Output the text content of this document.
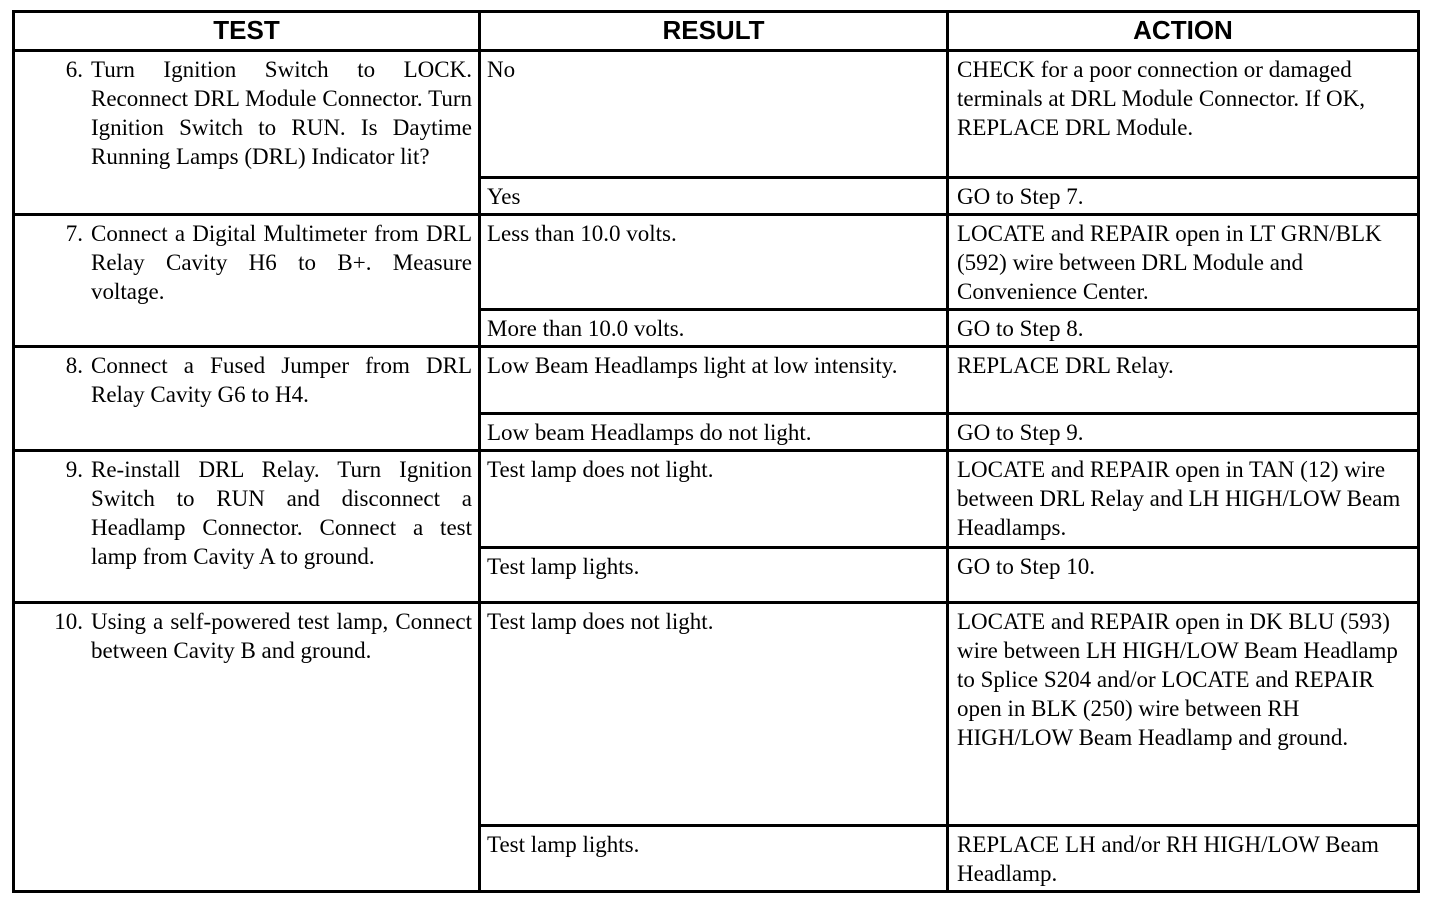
TEST	RESULT	ACTION

6. Turn Ignition Switch to LOCK. Reconnect DRL Module Connector. Turn Ignition Switch to RUN. Is Daytime Running Lamps (DRL) Indicator lit?	No	CHECK for a poor connection or damaged terminals at DRL Module Connector. If OK, REPLACE DRL Module.

	Yes	GO to Step 7.

7. Connect a Digital Multimeter from DRL Relay Cavity H6 to B+. Measure voltage.	Less than 10.0 volts.	LOCATE and REPAIR open in LT GRN/BLK (592) wire between DRL Module and Convenience Center.

	More than 10.0 volts.	GO to Step 8.

8. Connect a Fused Jumper from DRL Relay Cavity G6 to H4.	Low Beam Headlamps light at low intensity.	REPLACE DRL Relay.

	Low beam Headlamps do not light.	GO to Step 9.

9. Re-install DRL Relay. Turn Ignition Switch to RUN and disconnect a Headlamp Connector. Connect a test lamp from Cavity A to ground.	Test lamp does not light.	LOCATE and REPAIR open in TAN (12) wire between DRL Relay and LH HIGH/LOW Beam Headlamps.

	Test lamp lights.	GO to Step 10.

10. Using a self-powered test lamp, Connect between Cavity B and ground.	Test lamp does not light.	LOCATE and REPAIR open in DK BLU (593) wire between LH HIGH/LOW Beam Headlamp to Splice S204 and/or LOCATE and REPAIR open in BLK (250) wire between RH HIGH/LOW Beam Headlamp and ground.

	Test lamp lights.	REPLACE LH and/or RH HIGH/LOW Beam Headlamp.
